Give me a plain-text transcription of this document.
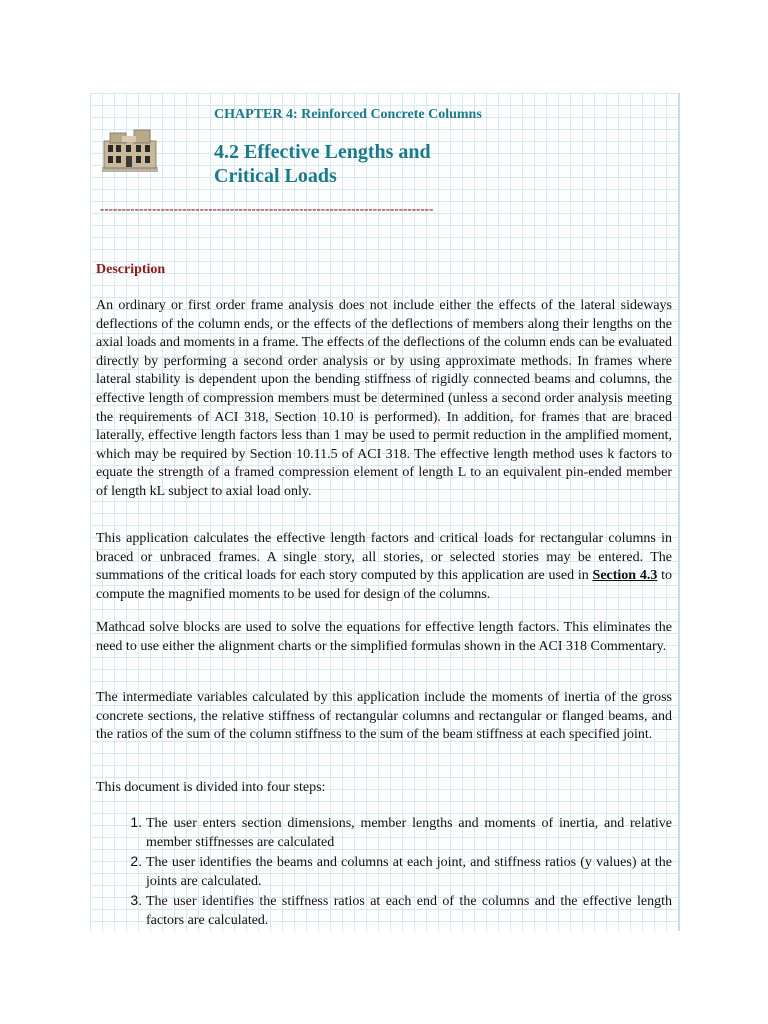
CHAPTER 4: Reinforced Concrete Columns
4.2 Effective Lengths and
Critical Loads
-----------------------------------------------------------------------------
Description
An ordinary or first order frame analysis does not include either the effects of the lateral sideways deflections of the column ends, or the effects of the deflections of members along their lengths on the axial loads and moments in a frame. The effects of the deflections of the column ends can be evaluated directly by performing a second order analysis or by using approximate methods. In frames where lateral stability is dependent upon the bending stiffness of rigidly connected beams and columns, the effective length of compression members must be determined (unless a second order analysis meeting the requirements of ACI 318, Section 10.10 is performed). In addition, for frames that are braced laterally, effective length factors less than 1 may be used to permit reduction in the amplified moment, which may be required by Section 10.11.5 of ACI 318. The effective length method uses k factors to equate the strength of a framed compression element of length L to an equivalent pin-ended member of length kL subject to axial load only.
This application calculates the effective length factors and critical loads for rectangular columns in braced or unbraced frames. A single story, all stories, or selected stories may be entered. The summations of the critical loads for each story computed by this application are used in Section 4.3 to compute the magnified moments to be used for design of the columns.
Mathcad solve blocks are used to solve the equations for effective length factors. This eliminates the need to use either the alignment charts or the simplified formulas shown in the ACI 318 Commentary.
The intermediate variables calculated by this application include the moments of inertia of the gross concrete sections, the relative stiffness of rectangular columns and rectangular or flanged beams, and the ratios of the sum of the column stiffness to the sum of the beam stiffness at each specified joint.
This document is divided into four steps:
1. The user enters section dimensions, member lengths and moments of inertia, and relative member stiffnesses are calculated
2. The user identifies the beams and columns at each joint, and stiffness ratios (y values) at the joints are calculated.
3. The user identifies the stiffness ratios at each end of the columns and the effective length factors are calculated.
